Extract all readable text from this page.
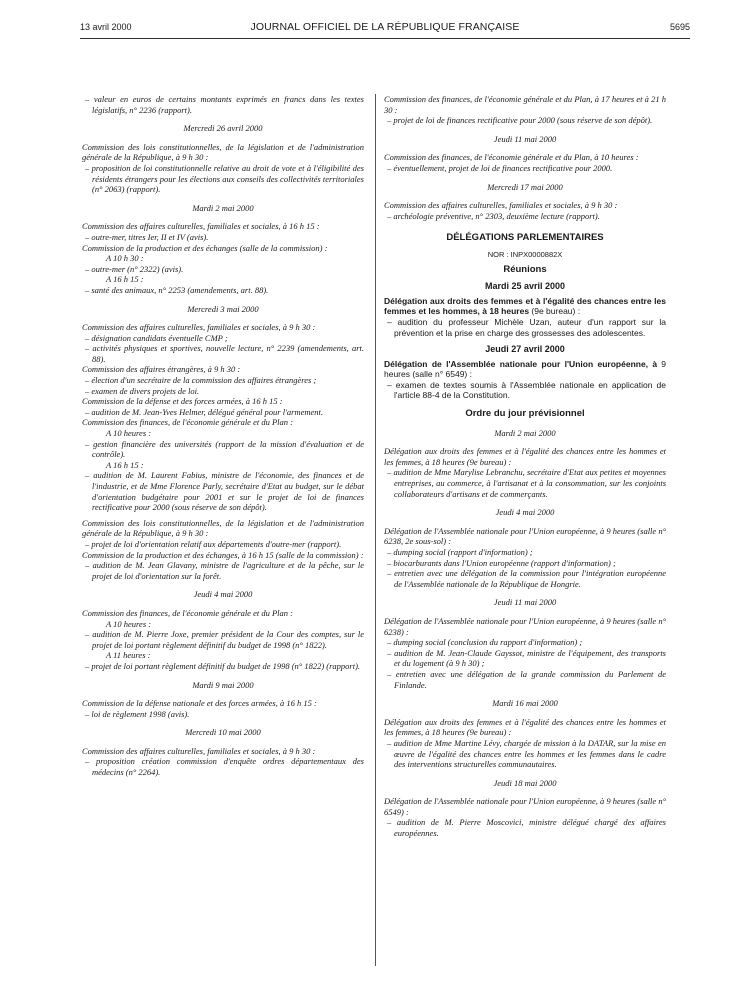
13 avril 2000	JOURNAL OFFICIEL DE LA RÉPUBLIQUE FRANÇAISE	5695

– valeur en euros de certains montants exprimés en francs dans les textes législatifs, n° 2236 (rapport).

Mercredi 26 avril 2000

Commission des lois constitutionnelles, de la législation et de l'administration générale de la République, à 9 h 30 :

– proposition de loi constitutionnelle relative au droit de vote et à l'éligibilité des résidents étrangers pour les élections aux conseils des collectivités territoriales (n° 2063) (rapport).

Mardi 2 mai 2000

Commission des affaires culturelles, familiales et sociales, à 16 h 15 :

– outre-mer, titres Ier, II et IV (avis).

Commission de la production et des échanges (salle de la commission) :

A 10 h 30 :

– outre-mer (n° 2322) (avis).

A 16 h 15 :

– santé des animaux, n° 2253 (amendements, art. 88).

Mercredi 3 mai 2000

Commission des affaires culturelles, familiales et sociales, à 9 h 30 :

– désignation candidats éventuelle CMP ;

– activités physiques et sportives, nouvelle lecture, n° 2239 (amendements, art. 88).

Commission des affaires étrangères, à 9 h 30 :

– élection d'un secrétaire de la commission des affaires étrangères ;

– examen de divers projets de loi.

Commission de la défense et des forces armées, à 16 h 15 :

– audition de M. Jean-Yves Helmer, délégué général pour l'armement.

Commission des finances, de l'économie générale et du Plan :

A 10 heures :

– gestion financière des universités (rapport de la mission d'évaluation et de contrôle).

A 16 h 15 :

– audition de M. Laurent Fabius, ministre de l'économie, des finances et de l'industrie, et de Mme Florence Parly, secrétaire d'Etat au budget, sur le débat d'orientation budgétaire pour 2001 et sur le projet de loi de finances rectificative pour 2000 (sous réserve de son dépôt).

Commission des lois constitutionnelles, de la législation et de l'administration générale de la République, à 9 h 30 :

– projet de loi d'orientation relatif aux départements d'outre-mer (rapport).

Commission de la production et des échanges, à 16 h 15 (salle de la commission) :

– audition de M. Jean Glavany, ministre de l'agriculture et de la pêche, sur le projet de loi d'orientation sur la forêt.

Jeudi 4 mai 2000

Commission des finances, de l'économie générale et du Plan :

A 10 heures :

– audition de M. Pierre Joxe, premier président de la Cour des comptes, sur le projet de loi portant règlement définitif du budget de 1998 (n° 1822).

A 11 heures :

– projet de loi portant règlement définitif du budget de 1998 (n° 1822) (rapport).

Mardi 9 mai 2000

Commission de la défense nationale et des forces armées, à 16 h 15 :

– loi de règlement 1998 (avis).

Mercredi 10 mai 2000

Commission des affaires culturelles, familiales et sociales, à 9 h 30 :

– proposition création commission d'enquête ordres départementaux des médecins (n° 2264).

Commission des finances, de l'économie générale et du Plan, à 17 heures et à 21 h 30 :

– projet de loi de finances rectificative pour 2000 (sous réserve de son dépôt).

Jeudi 11 mai 2000

Commission des finances, de l'économie générale et du Plan, à 10 heures :

– éventuellement, projet de loi de finances rectificative pour 2000.

Mercredi 17 mai 2000

Commission des affaires culturelles, familiales et sociales, à 9 h 30 :

– archéologie préventive, n° 2303, deuxième lecture (rapport).

DÉLÉGATIONS PARLEMENTAIRES

NOR : INPX0000882X

Réunions

Mardi 25 avril 2000

Délégation aux droits des femmes et à l'égalité des chances entre les femmes et les hommes, à 18 heures (9e bureau) :

– audition du professeur Michèle Uzan, auteur d'un rapport sur la prévention et la prise en charge des grossesses des adolescentes.

Jeudi 27 avril 2000

Délégation de l'Assemblée nationale pour l'Union européenne, à 9 heures (salle n° 6549) :

– examen de textes soumis à l'Assemblée nationale en application de l'article 88-4 de la Constitution.

Ordre du jour prévisionnel

Mardi 2 mai 2000

Délégation aux droits des femmes et à l'égalité des chances entre les hommes et les femmes, à 18 heures (9e bureau) :

– audition de Mme Marylise Lebranchu, secrétaire d'Etat aux petites et moyennes entreprises, au commerce, à l'artisanat et à la consommation, sur les conjoints collaborateurs d'artisans et de commerçants.

Jeudi 4 mai 2000

Délégation de l'Assemblée nationale pour l'Union européenne, à 9 heures (salle n° 6238, 2e sous-sol) :

– dumping social (rapport d'information) ;

– biocarburants dans l'Union européenne (rapport d'information) ;

– entretien avec une délégation de la commission pour l'intégration européenne de l'Assemblée nationale de la République de Hongrie.

Jeudi 11 mai 2000

Délégation de l'Assemblée nationale pour l'Union européenne, à 9 heures (salle n° 6238) :

– dumping social (conclusion du rapport d'information) ;

– audition de M. Jean-Claude Gayssot, ministre de l'équipement, des transports et du logement (à 9 h 30) ;

– entretien avec une délégation de la grande commission du Parlement de Finlande.

Mardi 16 mai 2000

Délégation aux droits des femmes et à l'égalité des chances entre les hommes et les femmes, à 18 heures (9e bureau) :

– audition de Mme Martine Lévy, chargée de mission à la DATAR, sur la mise en œuvre de l'égalité des chances entre les hommes et les femmes dans le cadre des interventions structurelles communautaires.

Jeudi 18 mai 2000

Délégation de l'Assemblée nationale pour l'Union européenne, à 9 heures (salle n° 6549) :

– audition de M. Pierre Moscovici, ministre délégué chargé des affaires européennes.
